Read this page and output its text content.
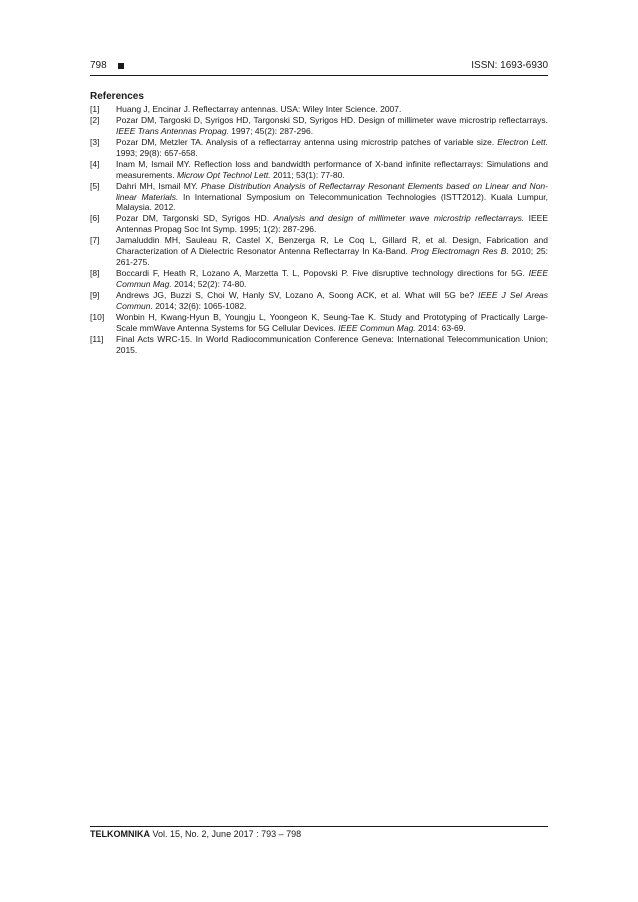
798	ISSN: 1693-6930
References
[1] Huang J, Encinar J. Reflectarray antennas. USA: Wiley Inter Science. 2007.
[2] Pozar DM, Targoski D, Syrigos HD, Targonski SD, Syrigos HD. Design of millimeter wave microstrip reflectarrays. IEEE Trans Antennas Propag. 1997; 45(2): 287-296.
[3] Pozar DM, Metzler TA. Analysis of a reflectarray antenna using microstrip patches of variable size. Electron Lett. 1993; 29(8): 657-658.
[4] Inam M, Ismail MY. Reflection loss and bandwidth performance of X-band infinite reflectarrays: Simulations and measurements. Microw Opt Technol Lett. 2011; 53(1): 77-80.
[5] Dahri MH, Ismail MY. Phase Distribution Analysis of Reflectarray Resonant Elements based on Linear and Non-linear Materials. In International Symposium on Telecommunication Technologies (ISTT2012). Kuala Lumpur, Malaysia. 2012.
[6] Pozar DM, Targonski SD, Syrigos HD. Analysis and design of millimeter wave microstrip reflectarrays. IEEE Antennas Propag Soc Int Symp. 1995; 1(2): 287-296.
[7] Jamaluddin MH, Sauleau R, Castel X, Benzerga R, Le Coq L, Gillard R, et al. Design, Fabrication and Characterization of A Dielectric Resonator Antenna Reflectarray In Ka-Band. Prog Electromagn Res B. 2010; 25: 261-275.
[8] Boccardi F, Heath R, Lozano A, Marzetta T. L, Popovski P. Five disruptive technology directions for 5G. IEEE Commun Mag. 2014; 52(2): 74-80.
[9] Andrews JG, Buzzi S, Choi W, Hanly SV, Lozano A, Soong ACK, et al. What will 5G be? IEEE J Sel Areas Commun. 2014; 32(6): 1065-1082.
[10] Wonbin H, Kwang-Hyun B, Youngju L, Yoongeon K, Seung-Tae K. Study and Prototyping of Practically Large-Scale mmWave Antenna Systems for 5G Cellular Devices. IEEE Commun Mag. 2014: 63-69.
[11] Final Acts WRC-15. In World Radiocommunication Conference Geneva: International Telecommunication Union; 2015.
TELKOMNIKA Vol. 15, No. 2, June 2017 : 793 – 798
